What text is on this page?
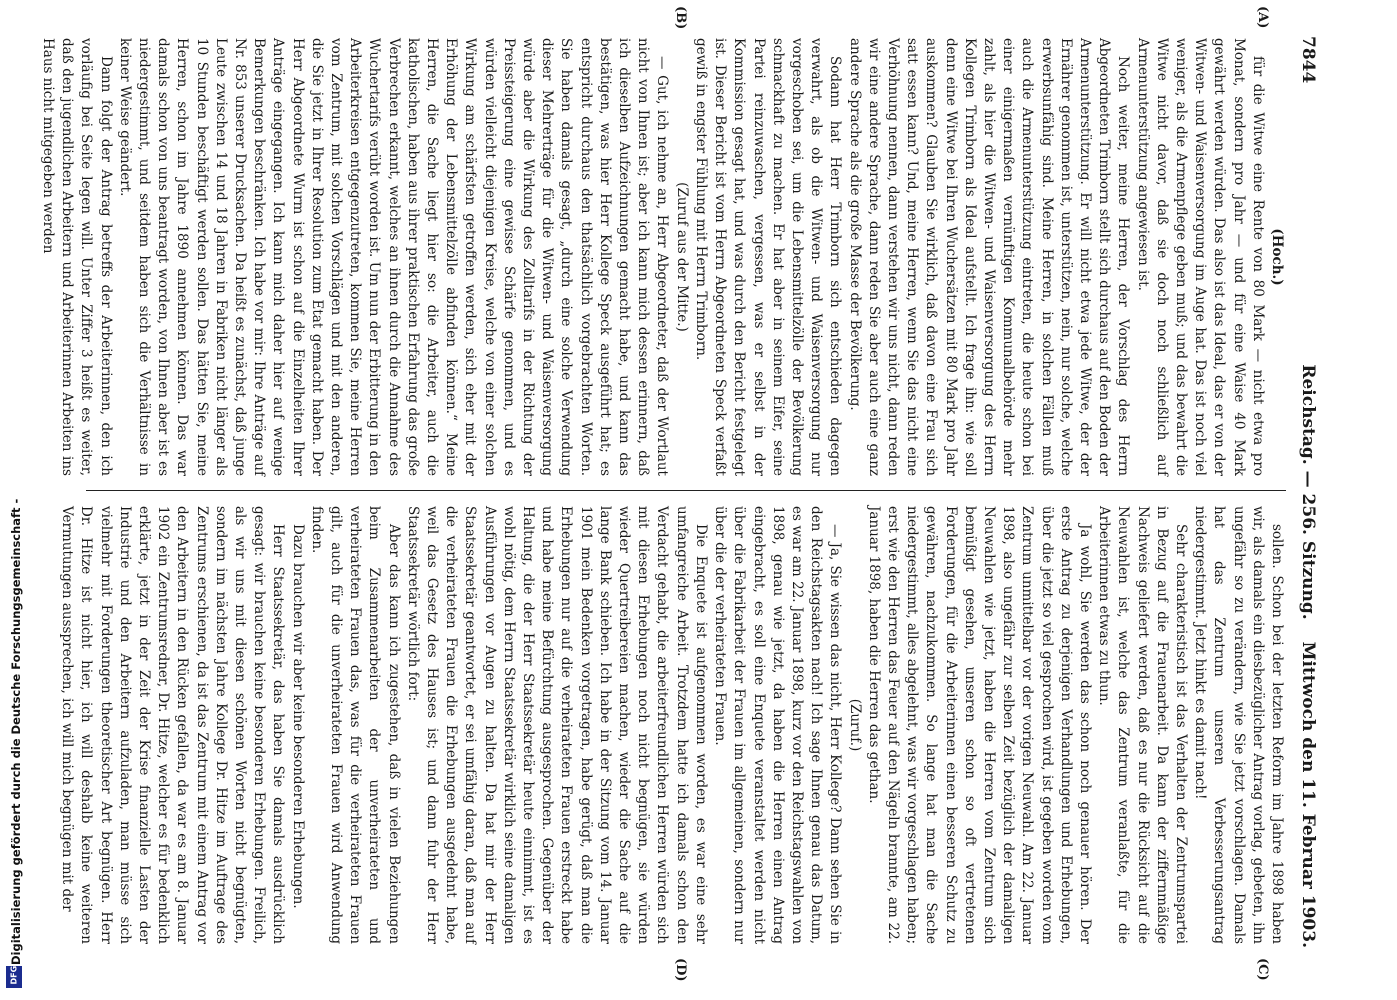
7844
Reichstag. — 256. Sitzung.
Mittwoch den 11. Februar 1903.
(A)
(B)
(C)
(D)

(Hoch.)

für die Witwe eine Rente von 80 Mark — nicht etwa pro Monat, sondern pro Jahr — und für eine Waise 40 Mark gewährt werden würden. Das also ist das Ideal, das er von der Witwen- und Waisenversorgung im Auge hat. Das ist noch viel weniger, als die Armenpflege geben muß; und das bewahrt die Witwe nicht davor, daß sie doch noch schließlich auf Armenunterstützung angewiesen ist.

Noch weiter, meine Herren, der Vorschlag des Herrn Abgeordneten Trimborn stellt sich durchaus auf den Boden der Armenunterstützung. Er will nicht etwa jede Witwe, der der Ernährer genommen ist, unterstützen, nein, nur solche, welche erwerbsunfähig sind. Meine Herren, in solchen Fällen muß auch die Armenunterstützung eintreten, die heute schon bei einer einigermaßen vernünftigen Kommunalbehörde mehr zahlt, als hier die Witwen- und Waisenversorgung des Herrn Kollegen Trimborn als Ideal aufstellt. Ich frage ihn: wie soll denn eine Witwe bei Ihren Wuchersätzen mit 80 Mark pro Jahr auskommen? Glauben Sie wirklich, daß davon eine Frau sich satt essen kann? Und, meine Herren, wenn Sie das nicht eine Verhöhnung nennen, dann verstehen wir uns nicht, dann reden wir eine andere Sprache, dann reden Sie aber auch eine ganz andere Sprache als die große Masse der Bevölkerung.

Sodann hat Herr Trimborn sich entschieden dagegen verwahrt, als ob die Witwen- und Waisenversorgung nur vorgeschoben sei, um die Lebensmittelzölle der Bevölkerung schmackhaft zu machen. Er hat aber in seinem Eifer, seine Partei reinzuwaschen, vergessen, was er selbst in der Kommission gesagt hat, und was durch den Bericht festgelegt ist. Dieser Bericht ist vom Herrn Abgeordneten Speck verfaßt gewiß in engster Fühlung mit Herrn Trimborn.

(Zuruf aus der Mitte.)

— Gut, ich nehme an, Herr Abgeordneter, daß der Wortlaut nicht von Ihnen ist; aber ich kann mich dessen erinnern, daß ich dieselben Aufzeichnungen gemacht habe, und kann das bestätigen, was hier Herr Kollege Speck ausgeführt hat; es entspricht durchaus den thatsächlich vorgebrachten Worten. Sie haben damals gesagt, „durch eine solche Verwendung dieser Mehrerträge für die Witwen- und Waisenversorgung würde aber die Wirkung des Zolltarifs in der Richtung der Preissteigerung eine gewisse Schärfe genommen, und es würden vielleicht diejenigen Kreise, welche von einer solchen Wirkung am schärfsten getroffen werden, sich eher mit der Erhöhung der Lebensmittelzölle abfinden können.“ Meine Herren, die Sache liegt hier so: die Arbeiter, auch die katholischen, haben aus ihrer praktischen Erfahrung das große Verbrechen erkannt, welches an ihnen durch die Annahme des Wuchertarifs verübt worden ist. Um nun der Erbitterung in den Arbeiterkreisen entgegenzutreten, kommen Sie, meine Herren vom Zentrum, mit solchen Vorschlägen und mit den anderen, die Sie jetzt in Ihrer Resolution zum Etat gemacht haben. Der Herr Abgeordnete Wurm ist schon auf die Einzelheiten Ihrer Anträge eingegangen. Ich kann mich daher hier auf wenige Bemerkungen beschränken. Ich habe vor mir: Ihre Anträge auf Nr. 853 unserer Drucksachen. Da heißt es zunächst, daß junge Leute zwischen 14 und 18 Jahren in Fabriken nicht länger als 10 Stunden beschäftigt werden sollen. Das hätten Sie, meine Herren, schon im Jahre 1890 annehmen können. Das war damals schon von uns beantragt worden, von Ihnen aber ist es niedergestimmt, und seitdem haben sich die Verhältnisse in keiner Weise geändert.

Dann folgt der Antrag betreffs der Arbeiterinnen, den ich vorläufig bei Seite legen will. Unter Ziffer 3 heißt es weiter, daß den jugendlichen Arbeitern und Arbeiterinnen Arbeiten ins Haus nicht mitgegeben werden

sollen. Schon bei der letzten Reform im Jahre 1898 haben wir, als damals ein diesbezüglicher Antrag vorlag, gebeten, ihn ungefähr so zu verändern, wie Sie jetzt vorschlagen. Damals hat das Zentrum unseren Verbesserungsantrag niedergestimmt. Jetzt hinkt es damit nach!

Sehr charakteristisch ist das Verhalten der Zentrumspartei in Bezug auf die Frauenarbeit. Da kann der ziffernmäßige Nachweis geliefert werden, daß es nur die Rücksicht auf die Neuwahlen ist, welche das Zentrum veranlaßte, für die Arbeiterinnen etwas zu thun.

Ja wohl, Sie werden das schon noch genauer hören. Der erste Antrag zu derjenigen Verhandlungen und Erhebungen, über die jetzt so viel gesprochen wird, ist gegeben worden vom Zentrum unmittelbar vor der vorigen Neuwahl. Am 22. Januar 1898, also ungefähr zur selben Zeit bezüglich der damaligen Neuwahlen wie jetzt, haben die Herren vom Zentrum sich bemüßigt gesehen, unseren schon so oft vertretenen Forderungen, für die Arbeiterinnen einen besseren Schutz zu gewähren, nachzukommen. So lange hat man die Sache niedergestimmt, alles abgelehnt, was wir vorgeschlagen haben; erst wie den Herren das Feuer auf den Nägeln brannte, am 22. Januar 1898, haben die Herren das gethan.

(Zuruf.)

— Ja, Sie wissen das nicht, Herr Kollege? Dann sehen Sie in den Reichstagsakten nach! Ich sage Ihnen genau das Datum, es war am 22. Januar 1898, kurz vor den Reichstagswahlen von 1898, genau wie jetzt, da haben die Herren einen Antrag eingebracht, es soll eine Enquete veranstaltet werden nicht über die Fabrikarbeit der Frauen im allgemeinen, sondern nur über die der verheirateten Frauen.

Die Enquete ist aufgenommen worden, es war eine sehr umfangreiche Arbeit. Trotzdem hatte ich damals schon den Verdacht gehabt, die arbeiterfreundlichen Herren würden sich mit diesen Erhebungen noch nicht begnügen, sie würden wieder Quertreibereien machen, wieder die Sache auf die lange Bank schieben. Ich habe in der Sitzung vom 14. Januar 1901 mein Bedenken vorgetragen, habe gerügt, daß man die Erhebungen nur auf die verheirateten Frauen erstreckt habe und habe meine Befürchtung ausgesprochen. Gegenüber der Haltung, die der Herr Staatssekretär heute einnimmt, ist es wohl nötig, dem Herrn Staatssekretär wirklich seine damaligen Ausführungen vor Augen zu halten. Da hat mir der Herr Staatssekretär geantwortet, er sei umfähig daran, daß man auf die verheirateten Frauen die Erhebungen ausgedehnt habe, weil das Gesetz des Hauses ist; und dann fuhr der Herr Staatssekretär wörtlich fort:

Aber das kann ich zugestehen, daß in vielen Beziehungen beim Zusammenarbeiten der unverheirateten und verheirateten Frauen das, was für die verheirateten Frauen gilt, auch für die unverheirateten Frauen wird Anwendung finden.

Dazu brauchen wir aber keine besonderen Erhebungen.

Herr Staatssekretär, das haben Sie damals ausdrücklich gesagt: wir brauchen keine besonderen Erhebungen. Freilich, als wir uns mit diesen schönen Worten nicht begnügten, sondern im nächsten Jahre Kollege Dr. Hitze im Auftrage des Zentrums erschienen, da ist das Zentrum mit einem Antrag vor den Arbeitern in den Rücken gefallen, da war es am 8. Januar 1902 ein Zentrumsredner, Dr. Hitze, welcher es für bedenklich erklärte, jetzt in der Zeit der Krise finanzielle Lasten der Industrie und den Arbeitern aufzuladen, man müsse sich vielmehr mit Forderungen theoretischer Art begnügen. Herr Dr. Hitze ist nicht hier, ich will deshalb keine weiteren Vermutungen aussprechen, ich will mich begnügen mit der

Digitalisierung gefördert durch die Deutsche Forschungsgemeinschaft -
DFG
